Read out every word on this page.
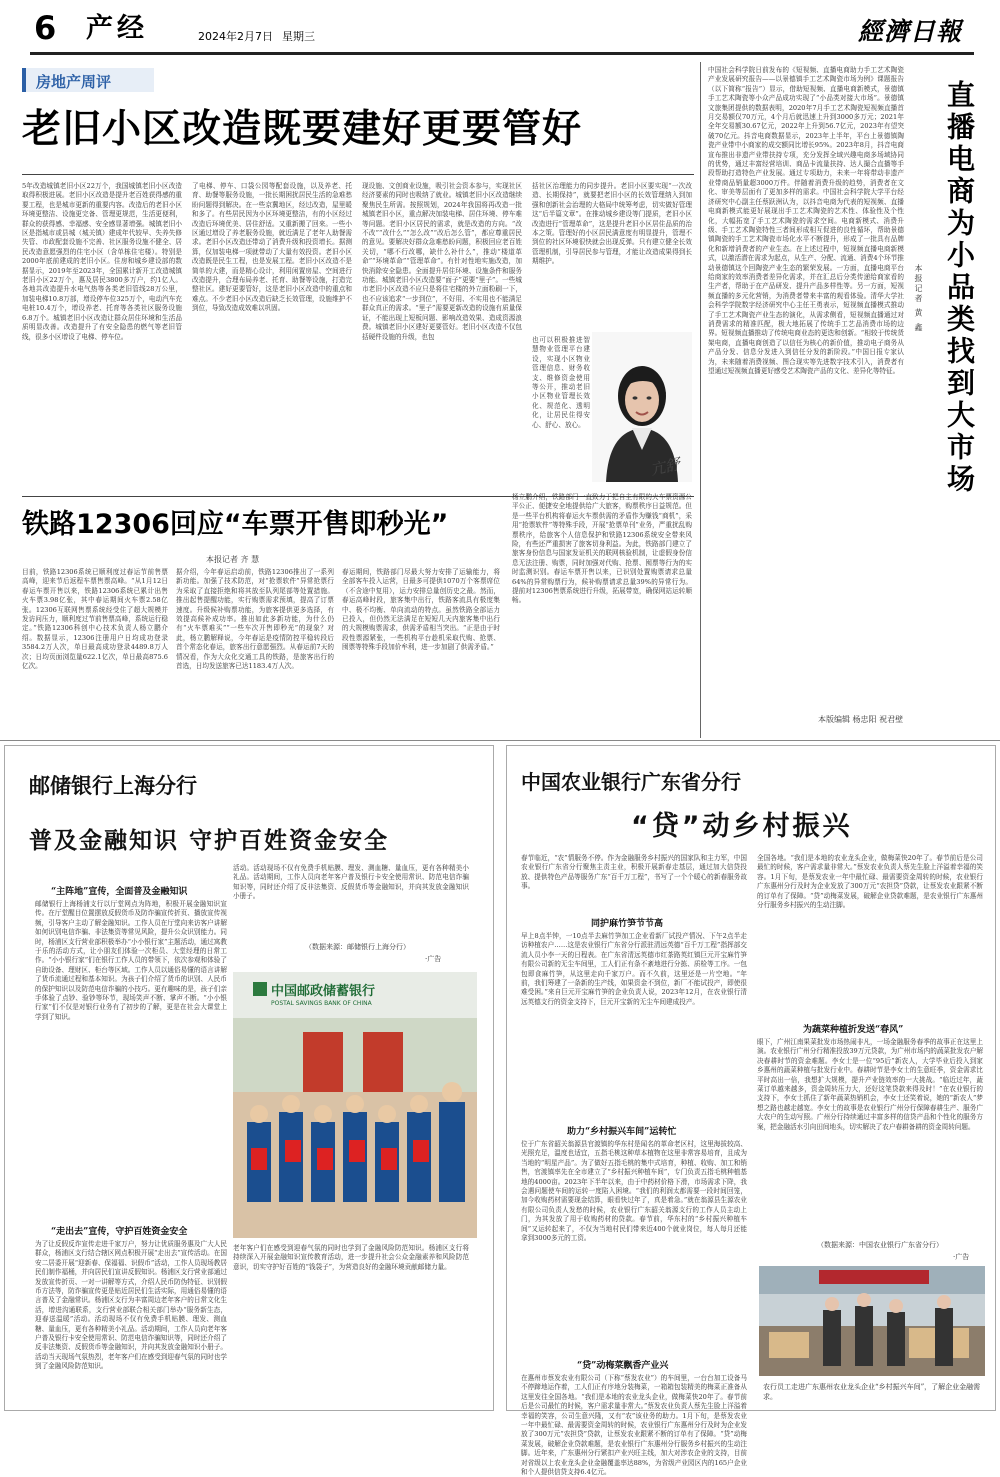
6 产经	2024年2月7日 星期三	經濟日報
房地产周评
老旧小区改造既要建好更要管好
5年改造城镇老旧小区22万个，我国城镇老旧小区改造取得积极进展。老旧小区改造是提升老百姓获得感的重要工程，也是城市更新的重要内容。改造后的老旧小区环境更整洁、设施更完备、管理更规范，生活更便利，群众的获得感、幸福感、安全感显著增强。城镇老旧小区是指城市或县城（城关镇）建成年代较早、失养失修失管、市政配套设施不完善、社区服务设施不健全、居民改造意愿强烈的住宅小区（含单栋住宅楼）。特别是2000年底前建成的老旧小区。住房和城乡建设部的数据显示，2019年至2023年，全国累计新开工改造城镇老旧小区22万个，惠及居民3800多万户，约1亿人。各地共改造提升水电气热等各类老旧管线28万公里，加装电梯10.8万部，增设停车位325万个，电动汽车充电桩10.4万个，增设养老、托育等各类社区服务设施6.8万个。城镇老旧小区改造让群众居住环境和生活品质明显改善。改造提升了有安全隐患的燃气等老旧管线，很多小区增设了电梯、停车位。
了电梯、停车、口袋公园等配套设施，以及养老、托育、助餐等服务设施，一批长期困扰居民生活的急难愁盼问题得到解决。在一些京冀地区，经过改造，屋里暖和多了。有些居民因为小区环境更整洁，有的小区经过改造后环境优美、居住舒适。又重新搬了回来。一些小区通过增设了养老服务设施，就近满足了老年人助餐需求。老旧小区改造还带动了消费升级和投资增长。据测算，仅加装电梯一项就带动了大量有效投资。老旧小区改造既是民生工程，也是发展工程。老旧小区改造不是简单的大建，而是精心设计，利用闲置房屋、空间进行改造提升，合理布局养老、托育、助餐等设施，打造完整社区。建好更要管好，这是老旧小区改造中的重点和难点。不少老旧小区改造后缺乏长效管理，设施维护不到位，导致改造成效难以巩固。
现设施、文创商业设施，吸引社会资本参与，实现社区经济要素的同时也吸纳了就业。城镇老旧小区改造继续聚焦民生所需。按照规划，2024年我国将再改造一批城镇老旧小区，重点解决加装电梯、居住环境、停车难等问题。老旧小区居民的需求，就是改造的方向。“改不改”“改什么”“怎么改”“改后怎么管”，都应尊重居民的意见。要解决好群众急难愁盼问题，积极回应老百姓关切，“哪不行改哪，缺什么补什么”，推动“楼道革命”“环境革命”“管理革命”。有针对性地实施改造，加快消除安全隐患。全面提升居住环境、设施条件和服务功能。城镇老旧小区改造要“面子”更要“里子”。一些城市老旧小区改造不应只是将住宅楼的外立面粉刷一下，也不应该追求“一步到位”，不好用、不实用也不能满足群众真正的需求。“里子”需要更新改造的设施有质量保证，不能出现上短板问题、影响改造效果、造成资源浪费。城镇老旧小区建好更要管好。老旧小区改造不仅包括硬件设施的升级，也包
括社区治理能力的同步提升。老旧小区要实现“一次改造、长期保持”，就要把老旧小区的长效管理纳入到加强和创新社会治理的大格局中统筹考虑，切实做好管理这“后半篇文章”。在推动城乡建设等门提质，老旧小区改造进行“管理革命”，这是提升老旧小区居住品质的治本之策。管理好的小区居民满意度有明显提升，管理不到位的社区环境很快就会出现反弹。只有建立健全长效管理机制，引导居民参与管理，才能让改造成果得到长期维护。
也可以积极推进智慧物业管理平台建设，实现小区物业管理信息、财务收支、维修资金使用等公开，推动老旧小区物业管理长效化、规范化、透明化，让居民住得安心、舒心、放心。
亢舒
铁路12306回应“车票开售即秒光”
本报记者 齐 慧
目前，铁路12306系统已顺利度过春运节前售票高峰，迎来节后返程车票售票高峰。“从1月12日春运车票开售以来，铁路12306系统已累计出售火车票3.98亿张，其中春运期间火车票2.58亿张。12306互联网售票系统经受住了超大规模并发访问压力，顺利度过节前售票高峰，系统运行稳定。”铁路12306科创中心技术负责人杨立鹏介绍。数据显示，12306注册用户日均成功登录3584.2万人次，单日最高成功登录4489.8万人次；日均页面浏览量622.1亿次，单日最高875.6亿次。
据介绍，今年春运启动前，铁路12306推出了一系列新功能。加强了技术防范，对“抢票软件”异常抢票行为采取了直接拒绝和将其放至队列尾部等处置措施。推出起售提醒功能，实行购票需求预填，提高了订票速度。升级候补购票功能，为旅客提供更多选择，有效提高候补成功率。推出如此多新功能，为什么仍有“火车票难买”“一些车次开售即秒光”的现象？对此，杨立鹏解释说，今年春运是疫情防控平稳转段后首个常态化春运，旅客出行意愿强烈。从春运前7天的情况看，作为大众化交通工具的铁路，是旅客出行的首选，日均发送旅客已达1183.4万人次。
春运期间，铁路部门尽最大努力安排了运输能力，将全部客车投入运营，日最多可提供1070万个客票席位（不含途中复用），运力安排总量创历史之最。然而，春运高峰时段，旅客集中出行，铁路客流具有极度集中、极不均衡、单向流动的特点。虽然铁路全部运力已投入，但仍然无法满足在短短几天内旅客集中出行的大规模购票需求，供需矛盾相当突出。“正是由于时段性票源紧张，一些机构平台趁机采取代购、抢票、囤票等特殊手段加价牟利，进一步加剧了供需矛盾。”
杨立鹏介绍，铁路部门一直致力于把自主有限的火车票资源公平公正、便捷安全地提供给广大旅客，购票秩序日益规范。但是一些平台机构将春运火车票供需的矛盾作为赚钱“商机”，采用“抢票软件”等特殊手段，开展“抢票单刊”业务，严重扰乱购票秩序，给旅客个人信息保护和铁路12306系统安全带来风险，有些还严重损害了旅客切身利益。为此，铁路部门建立了旅客身份信息与国家发证机关的联网核验机制，让虚假身份信息无法注册、购票，同时加强对代购、抢票、囤票等行为的实时监测识别。春运车票开售以来，已识别处置购票请求总量64%的异常购票行为，候补购票请求总量39%的异常行为。提前对12306售票系统进行升级，拓展带宽，确保网站运转顺畅。
中国社会科学院日前发布的《短视频、直播电商助力手工艺术陶瓷产业发展研究报告——以景德镇手工艺术陶瓷市场为例》课题报告（以下简称“报告”）显示，借助短视频、直播电商新模式，景德镇手工艺术陶瓷等小众产品成功实现了“小品类对接大市场”。景德镇文旅集团提供的数据表明，2020年7月手工艺术陶瓷短视频直播首月交易额仅70万元，4个月后就迅速上升到3000多万元；2021年全年交易额30.67亿元，2022年上升到56.7亿元，2023年有望突破70亿元。抖音电商数据显示，2023年上半年，平台上景德镇陶瓷产业带中小商家的成交额同比增长95%。2023年8月，抖音电商宣布推出非遗产业带扶持专项，充分发挥全域兴趣电商多场域协同的优势，通过丰富经营培训、商品卡流量扶持、达人撮合直播等手段帮助打造特色产业发展。通过专项助力，未来一年将带动非遗产业带商品销量超3000万件。伴随着消费升级的趋势，消费者在文化、审美等层面有了更加多样的需求。中国社会科学院大学平台经济研究中心副主任蔡跃洲认为，以抖音电商为代表的短视频、直播电商新模式能更好展现出手工艺术陶瓷的艺术性、体验性及个性化，大幅拓宽了手工艺术陶瓷的需求空间。电商新模式、消费升级、手工艺术陶瓷特性三者间形成相互促进的良性循环，帮助景德镇陶瓷的手工艺术陶瓷市场化水平不断提升，形成了一批具有品牌化和新增消费者的产业生态。在上述过程中，短视频直播电商新模式，以激活潜在需求为起点，从生产、分配、流通、消费4个环节推动景德镇这个回陶瓷产业生态的繁荣发展。一方面，直播电商平台给商家的效率消费者差异化需求，并在汇总后分类传递给商家看的生产者，帮助于在产品研发、提升产品多样性等。另一方面，短视频直播的多元化营销，为消费者带来丰富的观看体验。清华大学社会科学学院数字经济研究中心主任王勇表示，短视频直播模式推动了手工艺术陶瓷产业生态的演化，从需求侧看，短视频直播通过对消费需求的精准匹配，极大地拓展了传统手工艺品消费市场的边界。短视频直播推动了传统电商业态的更迭和创新。“相较于传统货架电商，直播电商创造了以信任为核心的新价值，推动电子商务从产品分发、信息分发进入到信任分发的新阶段。”中国日报专家认为，未来随着消费视频、图合现实等先进数字技术引入，消费者有望通过短视频直播更好感受艺术陶瓷产品的文化、差异化等特征。 直播电商为小品类找到大市场
本报记者 黄 鑫
本版编辑 杨忠阳 祝君壁
邮储银行上海分行
普及金融知识 守护百姓资金安全
“主阵地”宣传，全面普及金融知识
邮储银行上海杨浦支行以厅堂网点为阵地，积极开展金融知识宣传。在厅堂醒目位置摆放反假货币及防诈骗宣传折页、播放宣传视频，引导客户主动了解金融知识。工作人员在厅堂向来访客户讲解如何识别电信诈骗、非法集资等常见风险，提升公众识别能力。同时，杨浦区支行营业部积极举办“小小银行家”主题活动，通过寓教于乐的活动方式，让小朋友们体验一次柜员、大堂经理的日常工作。“小小银行家”们在银行工作人员的带领下，依次参观和体验了自助设备、理财区、柜台等区域。工作人员以通俗易懂的语言讲解了货币流通过程和基本知识。为孩子们介绍了货币的识别、人民币的保护知识以及防范电信诈骗的小技巧。更有趣味的是，孩子们亲手体验了点钞、验钞等环节，现场笑声不断、掌声不断。“小小银行家”们不仅是对银行业务有了初步的了解，更是在社会大课堂上学到了知识。
“走出去”宣传，守护百姓资金安全
为了让反假反诈宣传走进千家万户，努力让优质服务惠及广大人民群众，杨浦区支行结合辖区网点积极开展“走出去”宣传活动。在国安二居委开展“迎新春、保福福、识假币”活动，工作人员现场教居民们制作福桶，并向居民们宣讲反假知识。杨浦区支行营业部通过发放宣传折页、一对一讲解等方式，介绍人民币防伪特征、识别假币方法等，防诈骗宣传更是贴近居民们生活实际，用通俗易懂的语言普及了金融常识。杨浦区支行为丰富周边老年客户的日常文化生活，增进沟通联系，支行营业部联合相关部门举办“服务新生态，迎春送温暖”活动。活动现场不仅有免费手机贴膜、理发、测血糖、量血压，更有各种精美小礼品。活动期间，工作人员向老年客户普及银行卡安全使用常识、防范电信诈骗知识等，同时还介绍了反非法集资、反假货币等金融知识，并向其发放金融知识小册子。活动当天现场气氛热烈，老年客户们在感受到迎春气氛的同时也学到了金融风险防范知识。
活动。活动现场不仅有免费手机贴膜、理发、测血糖、量血压，更有各种精美小礼品。活动期间，工作人员向老年客户普及银行卡安全使用常识、防范电信诈骗知识等，同时还介绍了反非法集资、反假货币等金融知识，并向其发放金融知识小册子。
（数据来源：邮储银行上海分行）
·广告
中国邮政储蓄银行
POSTAL SAVINGS BANK OF CHINA
老年客户们在感受到迎春气氛的同时也学到了金融风险防范知识。杨浦区支行将持续深入开展金融知识宣传教育活动，进一步提升社会公众金融素养和风险防范意识，切实守护好百姓的“钱袋子”，为营造良好的金融环境贡献邮储力量。
中国农业银行广东省分行
“贷”动乡村振兴
春节临近，“农”情服务不停。作为金融服务乡村振兴的国家队和主力军，中国农业银行广东省分行聚焦主责主业，积极开展新春走基层，通过加大信贷投放、提供特色产品等服务广东“百千万工程”，书写了一个个暖心的新春服务故事。
同护麻竹笋节节高
早上8点半钟，一10点半去麻竹笋加工企业看新厂试投产情况、下午2点半走访种植农户……这是农业银行广东省分行派驻清远英德“百千万工程”指挥部交流人员小李一天的日程表。在广东省清远英德市红茶路英红镇巨元开宝麻竹笋有限公司新的无尘车间里，工人们正有条不紊地进行分拣、质检等工序。一包包即食麻竹笋，从这里走向千家万户。而不久前，这里还是一片空地。“年前，我们筹建了一条新的生产线，如果资金不到位，新厂不能试投产，即使很难受困。”来自巨元开宝麻竹笋的企业负责人说，2023年12月，在农业银行清远英德支行的资金支持下，巨元开宝新的无尘车间建成投产。
助力“乡村振兴车间”运转忙
位于广东省韶关翁源县官渡镇的华东村是闻名的革命老区村，这里海拔较高、光照充足，温度也适宜，五指毛桃这种草本植物在这里非常容易培育，且成为当地的“明星产品”。为了做好五指毛桃的集中式培育，种植、收购、加工和销售，官渡镇率先在全市建立了“乡村振兴种植车间”，专门负责五指毛桃种植基地的4000亩。2023年下半年以来，由于中药材价格下滑，市场需求下降，我会遇问题使车间的运转一度陷入困境。“我们的利润太都需要一段时间回笼，加今收购药材需要现金结算，眼看快过年了，真是着急。”就在翁源县生源农业有限公司负责人发愁的时候，农业银行广东韶关翁源支行的工作人员主动上门，为其发放了用于收购药材的贷款。春节前，华东村的“乡村振兴种植车间”又运转起来了，不仅为当地村民们带来近400个就业岗位，每人每月还能拿到3000多元的工资。
“贷”动梅菜飘香产业兴
在惠州市蔡发农业有限公司（下称“蔡发农业”）的车间里，一台台加工设备马不停蹄地运作着，工人们正有序地分装梅菜，一箱箱包装精美的梅菜正准备从这里发往全国各地。“我们是本地的农业龙头企业，做梅菜快20年了。春节前后是公司最忙的时候，客户需求量非常大。”蔡发农业负责人蔡先生脸上洋溢着幸福的笑容，公司生意兴隆，又有“农”该业务的助力。1月下旬，是蔡发农业一年中最忙碌、最需要资金周转的时候，农业银行广东惠州分行及时为企业发放了300万元“农担贷”贷款，让蔡发农业跟紧不断的订单有了保障。“贷”动梅菜发展，破解企业贷款难题，是农业银行广东惠州分行服务乡村振兴的生动注脚。近年来，广东惠州分行紧扣产业兴旺主线，加大对涉农企业的支持，目前对省级以上农业龙头企业金融覆盖率达88%，为省级产业园区内的165户企业和个人提供信贷支持6.4亿元。
全国各地。“我们是本地的农业龙头企业，做梅菜快20年了。春节前后是公司最忙的时候，客户需求量非常大。”蔡发农业负责人蔡先生脸上洋溢着幸福的笑容。1月下旬，是蔡发农业一年中最忙碌、最需要资金周转的时候，农业银行广东惠州分行及时为企业发放了300万元“农担贷”贷款，让蔡发农业跟紧不断的订单有了保障。“贷”动梅菜发展，破解企业贷款难题，是农业银行广东惠州分行服务乡村振兴的生动注脚。
为蔬菜种植折发送“春风”
眼下，广州江南果菜批发市场热闹非凡，一场金融服务春季的故事正在这里上演。农业银行广州分行精准投放39万元贷款，为广州市场内的蔬菜批发农户解决春耕时节的资金难题。李女士是一位“95后”新农人，大学毕业后投入到家乡惠州的蔬菜种植与批发行业中。春耕时节是李女士的生意旺季，资金需求比平时高出一倍，我想扩大规模，提升产业链效率的一大挑战。“临近过年，蔬菜订单越来越多，资金周转压力大，还好这笔贷款来得及时！”在农业银行的支持下，李女士抓住了新年蔬菜热销机会，李女士还笑着说，她的“新农人”梦想之路也越走越宽。李女士的故事是农业银行广州分行保障春耕生产、服务广大农户的生动写照。广州分行持续通过丰富多样的信贷产品和个性化的服务方案，把金融活水引向田间地头，切实解决了农户春耕备耕的资金周转问题。
（数据来源：中国农业银行广东省分行）
·广告
农行员工走进广东惠州农业龙头企业“乡村振兴车间”，了解企业金融需求。
